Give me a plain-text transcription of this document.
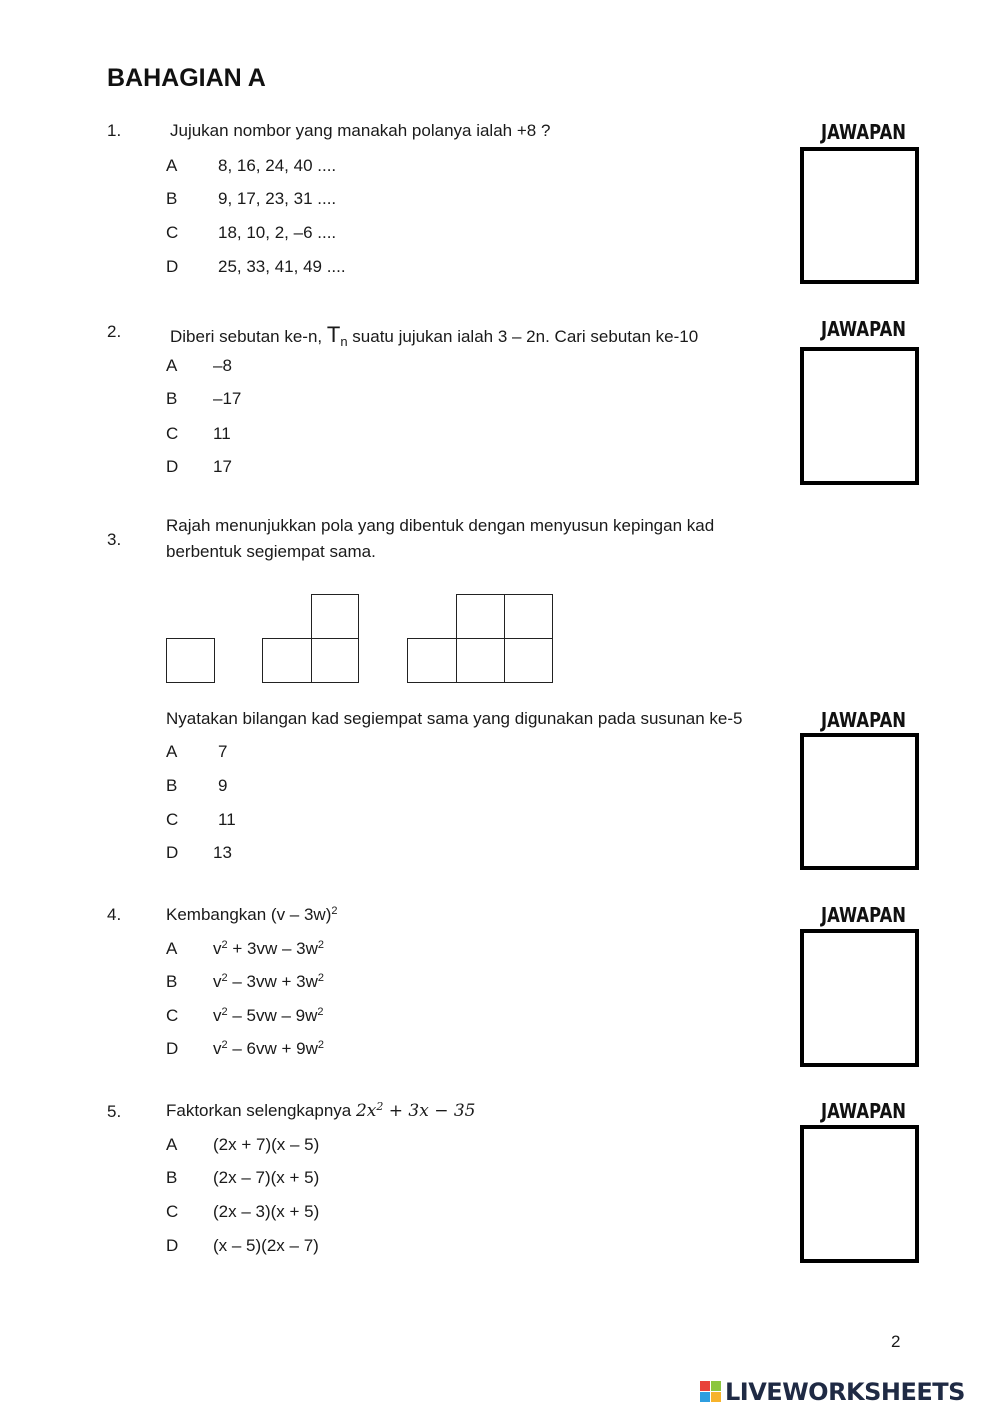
BAHAGIAN A
1.	Jujukan nombor yang manakah polanya ialah +8 ?
A 8, 16, 24, 40 ....
B 9, 17, 23, 31 ....
C 18, 10, 2, –6 ....
D 25, 33, 41, 49 ....
JAWAPAN
2.	Diberi sebutan ke-n, $T_n$ suatu jujukan ialah 3 – 2n. Cari sebutan ke-10
A –8
B –17
C 11
D 17
JAWAPAN
3.
Rajah menunjukkan pola yang dibentuk dengan menyusun kepingan kad
berbentuk segiempat sama.
Nyatakan bilangan kad segiempat sama yang digunakan pada susunan ke-5
A 7
B 9
C 11
D 13
JAWAPAN
4.	Kembangkan (v – 3w)$^2$
A $v^2 + 3vw - 3w^2$
B $v^2 - 3vw + 3w^2$
C $v^2 - 5vw - 9w^2$
D $v^2 - 6vw + 9w^2$
JAWAPAN
5.	Faktorkan selengkapnya $2x^2 + 3x - 35$
A (2x + 7)(x – 5)
B (2x – 7)(x + 5)
C (2x – 3)(x + 5)
D (x – 5)(2x – 7)
JAWAPAN
2
LIVEWORKSHEETS
